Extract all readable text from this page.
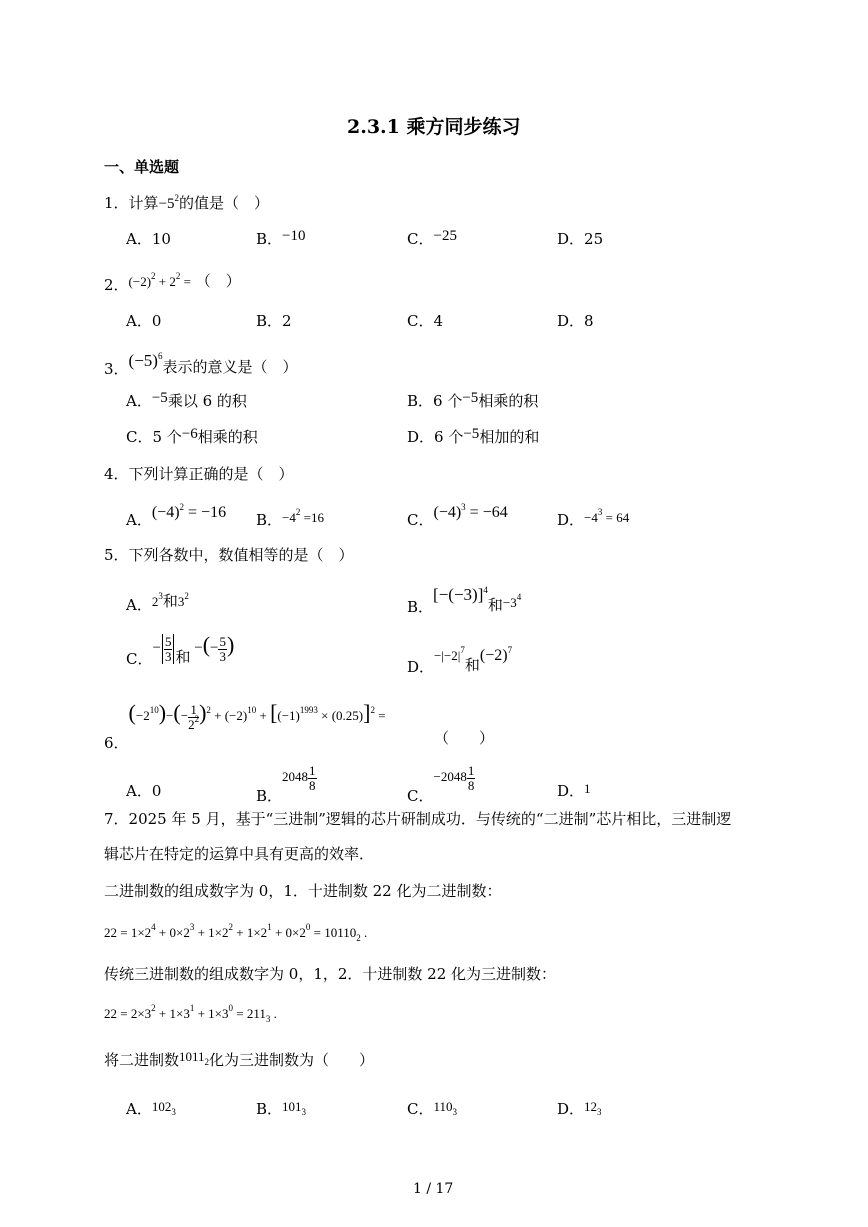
2.3.1 乘方同步练习
一、单选题
1．计算$-5^2$的值是（　）
A．10	B．−10	C．−25	D．25
2．$(-2)^2 + 2^2$ = （　）
A．0	B．2	C．4	D．8
3．$(-5)^6$表示的意义是（　）
A．−5乘以 6 的积	B．6 个−5相乘的积
C．5 个−6相乘的积	D．6 个−5相加的和
4．下列计算正确的是（　）
A．$(-4)^2 = -16$ B．$-4^2 =16$	C．$(-4)^3 = -64$	D．$-4^3 = 64$
5．下列各数中，数值相等的是（　）
A．$2^3$和$3^2$
B．$[-(-3)]^4$和$-3^4$
C．− $\frac{5}{3}$ 和 −(− $\frac{5}{3}$ )
D．$-|-2|^7$和$(-2)^7$
6．$(-2^{10})-(- \frac{1}{2^2} )^2 + (-2)^{10} + [(-1)^{1993} \times (0.25)]^2$ =
（　　）
A．0	B．$2048 \frac{1}{8}$
C．$-2048 \frac{1}{8}$	D．1
7．2025 年 5 月，基于“三进制”逻辑的芯片研制成功．与传统的“二进制”芯片相比，三进制逻
辑芯片在特定的运算中具有更高的效率．
二进制数的组成数字为 0，1．十进制数 22 化为二进制数：
$22 = 1\times 2^4 + 0\times 2^3 + 1\times 2^2 + 1\times 2^1 + 0\times 2^0 = 10110_2$ .
传统三进制数的组成数字为 0，1，2．十进制数 22 化为三进制数：
$22 = 2\times 3^2 + 1\times 3^1 + 1\times 3^0 = 211_3$ .
将二进制数$1011_2$化为三进制数为（　　）
A．$102_3$	B．$101_3$	C．$110_3$	D．$12_3$
1 / 17
